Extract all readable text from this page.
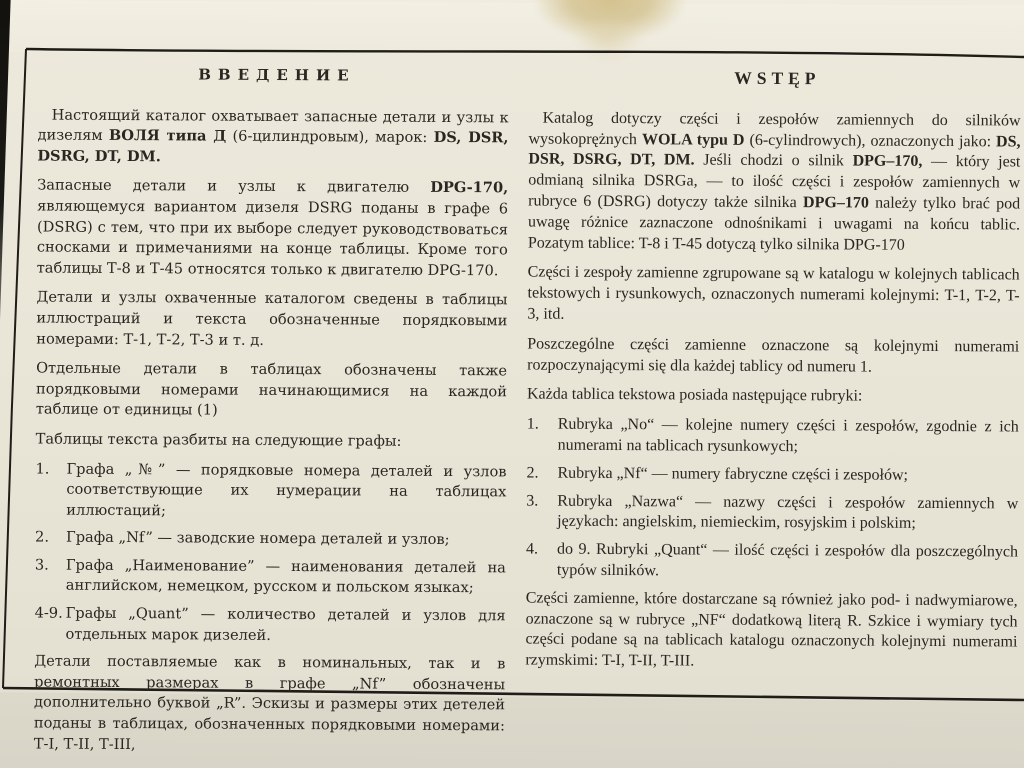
ВВЕДЕНИЕ

Настоящий каталог охватывает запасные детали и узлы к дизелям ВОЛЯ типа Д (6-цилиндровым), марок: DS, DSR, DSRG, DT, DM.

Запасные детали и узлы к двигателю DPG-170, являющемуся вариантом дизеля DSRG поданы в графе 6 (DSRG) с тем, что при их выборе следует руководствоваться сносками и примечаниями на конце таблицы. Кроме того таблицы Т-8 и Т-45 относятся только к двигателю DPG-170.

Детали и узлы охваченные каталогом сведены в таблицы иллюстраций и текста обозначенные порядковыми номерами: Т-1, Т-2, Т-3 и т. д.

Отдельные детали в таблицах обозначены также порядковыми номерами начинающимися на каждой таблице от единицы (1)

Таблицы текста разбиты на следующие графы:

1. Графа „№” — порядковые номера деталей и узлов соответствующие их нумерации на таблицах иллюстаций;
2. Графа „Nf” — заводские номера деталей и узлов;
3. Графа „Наименование” — наименования деталей на английском, немецком, русском и польском языках;
4-9. Графы „Quant” — количество деталей и узлов для отдельных марок дизелей.

Детали поставляемые как в номинальных, так и в ремонтных размерах в графе „Nf” обозначены дополнительно буквой „R”. Эскизы и размеры этих детелей поданы в таблицах, обозначенных порядковыми номерами: Т-I, Т-II, Т-III,

WSTĘP

Katalog dotyczy części i zespołów zamiennych do silników wysokoprężnych WOLA typu D (6-cylindrowych), oznaczonych jako: DS, DSR, DSRG, DT, DM. Jeśli chodzi o silnik DPG–170, — który jest odmianą silnika DSRGa, — to ilość części i zespołów zamiennych w rubryce 6 (DSRG) dotyczy także silnika DPG–170 należy tylko brać pod uwagę różnice zaznaczone odnośnikami i uwagami na końcu tablic. Pozatym tablice: T-8 i T-45 dotyczą tylko silnika DPG-170

Części i zespoły zamienne zgrupowane są w katalogu w kolejnych tablicach tekstowych i rysunkowych, oznaczonych numerami kolejnymi: T-1, T-2, T-3, itd.

Poszczególne części zamienne oznaczone są kolejnymi numerami rozpoczynającymi się dla każdej tablicy od numeru 1.

Każda tablica tekstowa posiada następujące rubryki:

1. Rubryka „No“ — kolejne numery części i zespołów, zgodnie z ich numerami na tablicach rysunkowych;
2. Rubryka „Nf“ — numery fabryczne części i zespołów;
3. Rubryka „Nazwa“ — nazwy części i zespołów zamiennych w językach: angielskim, niemieckim, rosyjskim i polskim;
4. do 9. Rubryki „Quant“ — ilość części i zespołów dla poszczególnych typów silników.

Części zamienne, które dostarczane są również jako pod- i nadwymiarowe, oznaczone są w rubryce „NF“ dodatkową literą R. Szkice i wymiary tych części podane są na tablicach katalogu oznaczonych kolejnymi numerami rzymskimi: T-I, T-II, T-III.
